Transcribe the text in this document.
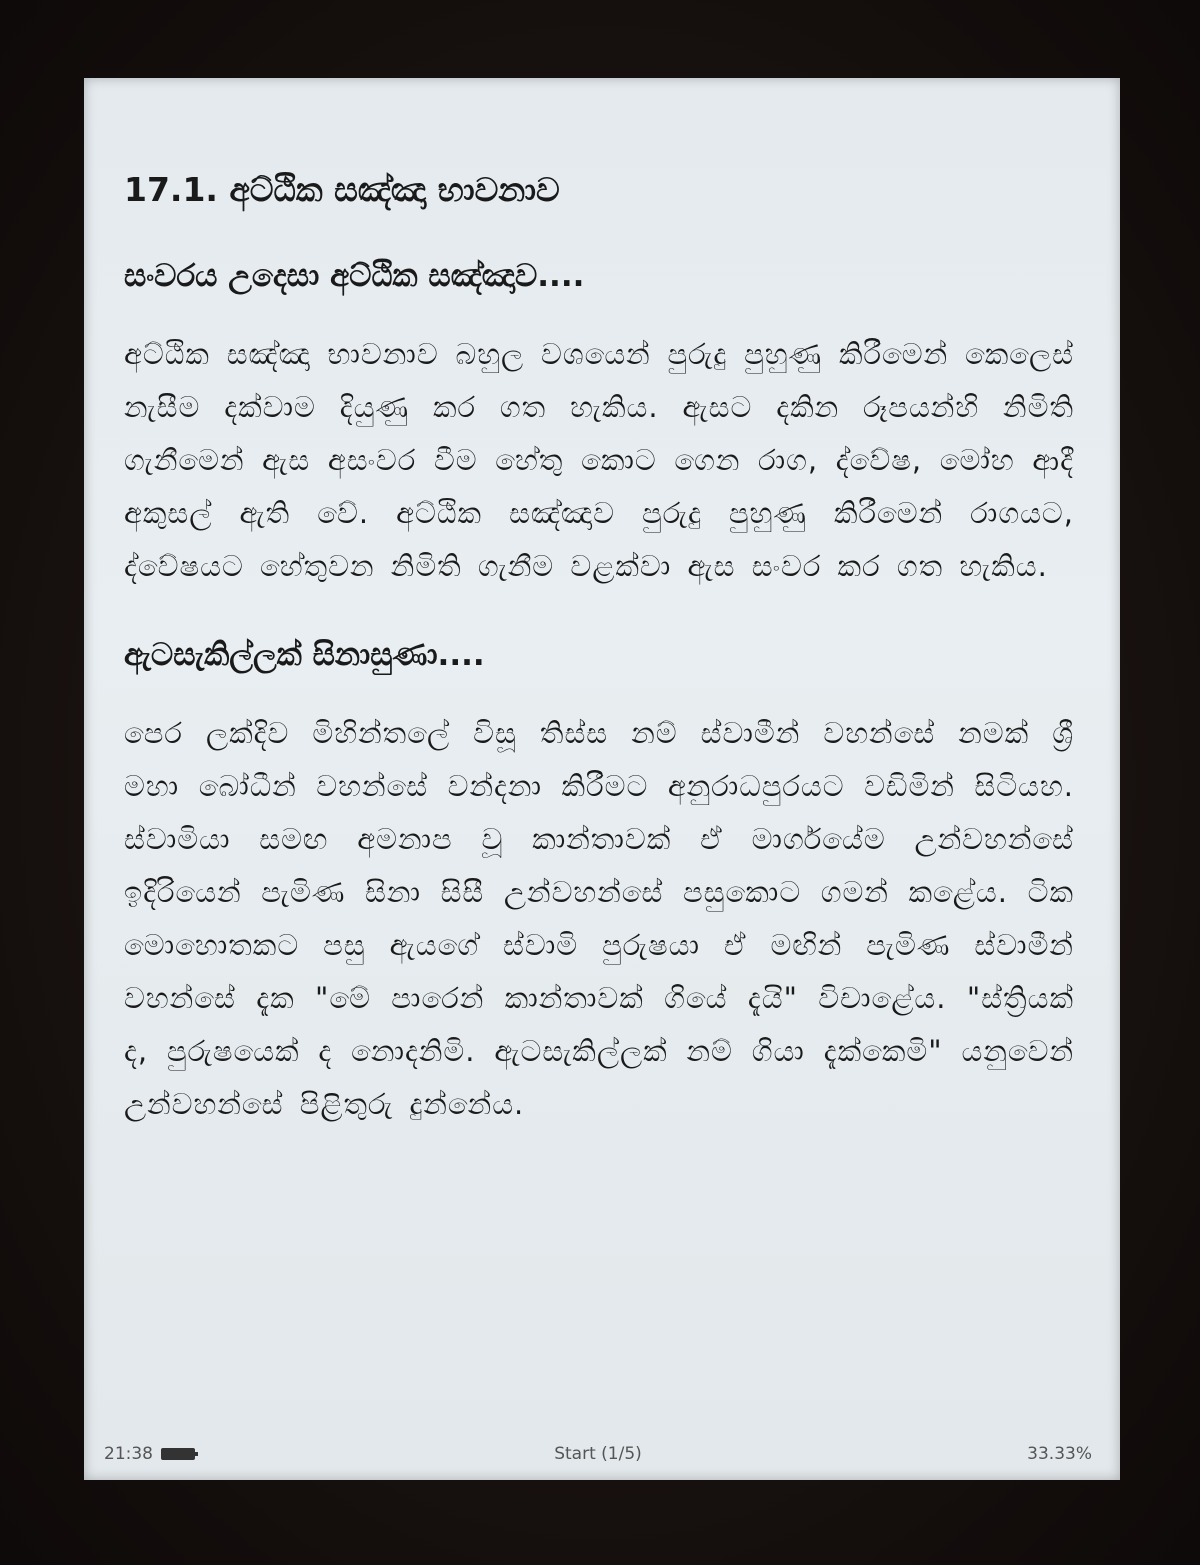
17.1. අට්ඨික සඤ්ඤා භාවනාව
සංවරය උදෙසා අට්ඨික සඤ්ඤාව....
අට්ඨික සඤ්ඤා භාවනාව බහුල වශයෙන් පුරුදු පුහුණු කිරීමෙන් කෙලෙස් නැසීම දක්වාම දියුණු කර ගත හැකිය. ඇසට දකින රූපයන්හි නිමිති ගැනීමෙන් ඇස අසංවර වීම හේතු කොට ගෙන රාග, ද්වේෂ, මෝහ ආදී අකුසල් ඇති වේ. අට්ඨික සඤ්ඤාව පුරුදු පුහුණු කිරීමෙන් රාගයට, ද්වේෂයට හේතුවන නිමිති ගැනීම වළක්වා ඇස සංවර කර ගත හැකිය.
ඇටසැකිල්ලක් සිනාසුණා....
පෙර ලක්දිව මිහින්තලේ විසූ තිස්ස නම් ස්වාමීන් වහන්සේ නමක් ශ්‍රී මහා බෝධීන් වහන්සේ වන්දනා කිරීමට අනුරාධපුරයට වඩිමින් සිටියහ. ස්වාමියා සමඟ අමනාප වූ කාන්තාවක් ඒ මාර්ගයේම උන්වහන්සේ ඉදිරියෙන් පැමිණ සිනා සිසී උන්වහන්සේ පසුකොට ගමන් කළේය. ටික මොහොතකට පසු ඇයගේ ස්වාමි පුරුෂයා ඒ මඟින් පැමිණ ස්වාමීන් වහන්සේ දැක "මේ පාරෙන් කාන්තාවක් ගියේ දැයි" විචාළේය. "ස්ත්‍රියක් ද, පුරුෂයෙක් ද නොදනිමි. ඇටසැකිල්ලක් නම් ගියා දැක්කෙමි" යනුවෙන් උන්වහන්සේ පිළිතුරු දුන්නේය.
21:38	Start (1/5)	33.33%
